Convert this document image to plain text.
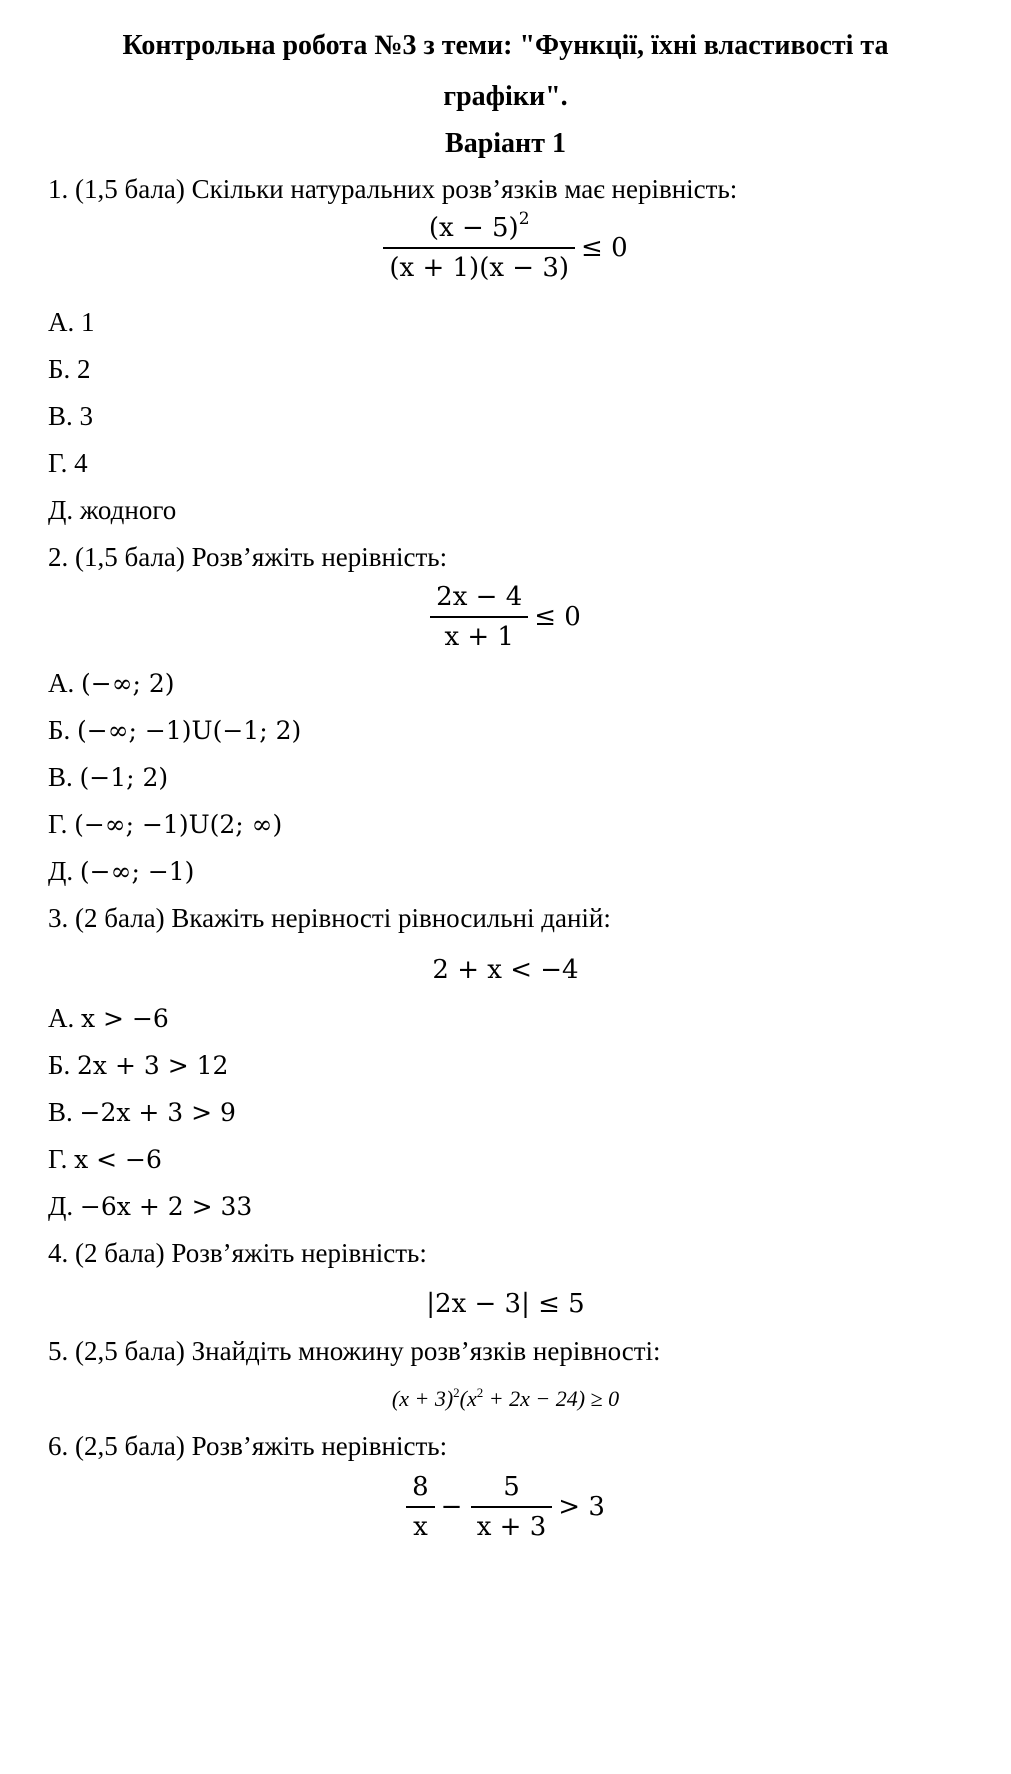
Контрольна робота №3 з теми: "Функції, їхні властивості та
графіки".
Варіант 1
1. (1,5 бала) Скільки натуральних розв’язків має нерівність:
$\frac{(x - 5)^2}{(x + 1)(x - 3)} \le 0$
А. 1
Б. 2
В. 3
Г. 4
Д. жодного
2. (1,5 бала) Розв’яжіть нерівність:
$\frac{2x - 4}{x + 1} \le 0$
А. (−∞; 2)
Б. (−∞; −1)U(−1; 2)
В. (−1; 2)
Г. (−∞; −1)U(2; ∞)
Д. (−∞; −1)
3. (2 бала) Вкажіть нерівності рівносильні даній:
2 + x < −4
А. x > −6
Б. 2x + 3 > 12
В. −2x + 3 > 9
Г. x < −6
Д. −6x + 2 > 33
4. (2 бала) Розв’яжіть нерівність:
|2x − 3| ≤ 5
5. (2,5 бала) Знайдіть множину розв’язків нерівності:
$(x + 3)^2(x^2 + 2x - 24) \ge 0$
6. (2,5 бала) Розв’яжіть нерівність:
$\frac{8}{x} - \frac{5}{x + 3} > 3$
